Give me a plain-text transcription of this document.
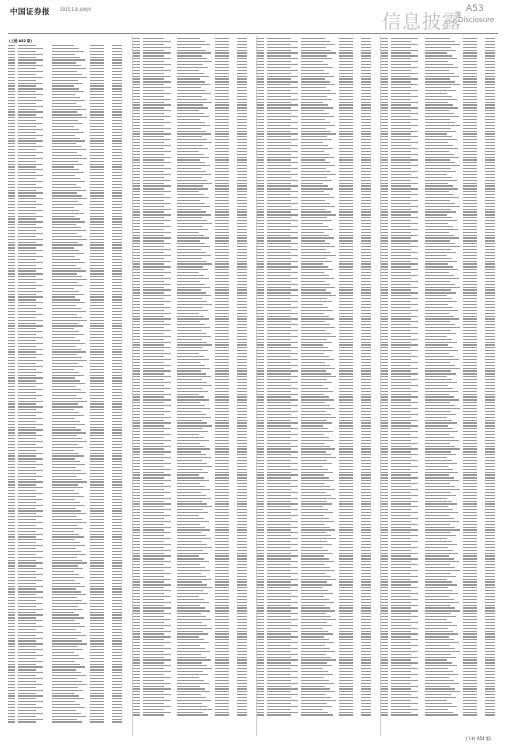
中国证券报	2015.1.8 星期四
信息披露
A53
Disclosure
(上接 A52 版)
(下转 A54 版)
